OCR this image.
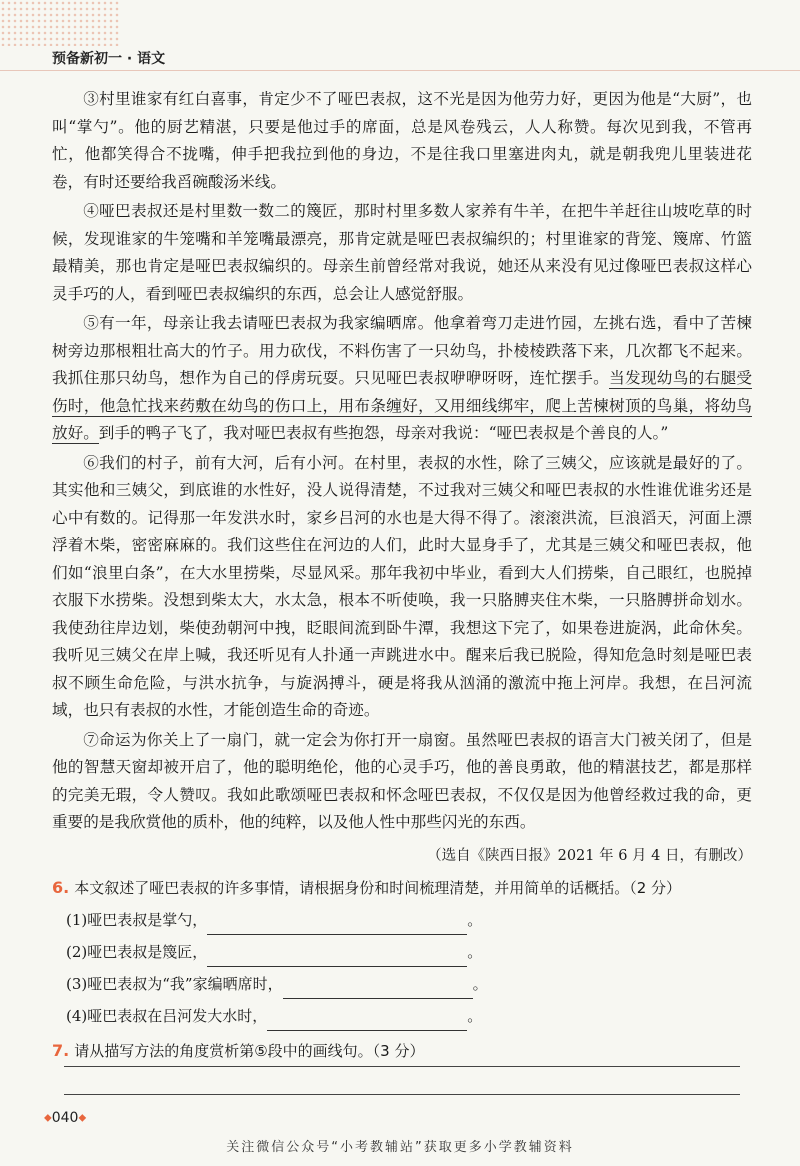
预备新初一 · 语文

③村里谁家有红白喜事，肯定少不了哑巴表叔，这不光是因为他劳力好，更因为他是“大厨”，也叫“掌勺”。他的厨艺精湛，只要是他过手的席面，总是风卷残云，人人称赞。每次见到我，不管再忙，他都笑得合不拢嘴，伸手把我拉到他的身边，不是往我口里塞进肉丸，就是朝我兜儿里装进花卷，有时还要给我舀碗酸汤米线。

④哑巴表叔还是村里数一数二的篾匠，那时村里多数人家养有牛羊，在把牛羊赶往山坡吃草的时候，发现谁家的牛笼嘴和羊笼嘴最漂亮，那肯定就是哑巴表叔编织的；村里谁家的背笼、篾席、竹篮最精美，那也肯定是哑巴表叔编织的。母亲生前曾经常对我说，她还从来没有见过像哑巴表叔这样心灵手巧的人，看到哑巴表叔编织的东西，总会让人感觉舒服。

⑤有一年，母亲让我去请哑巴表叔为我家编晒席。他拿着弯刀走进竹园，左挑右选，看中了苦楝树旁边那根粗壮高大的竹子。用力砍伐，不料伤害了一只幼鸟，扑棱棱跌落下来，几次都飞不起来。我抓住那只幼鸟，想作为自己的俘虏玩耍。只见哑巴表叔咿咿呀呀，连忙摆手。当发现幼鸟的右腿受伤时，他急忙找来药敷在幼鸟的伤口上，用布条缠好，又用细线绑牢，爬上苦楝树顶的鸟巢，将幼鸟放好。到手的鸭子飞了，我对哑巴表叔有些抱怨，母亲对我说：“哑巴表叔是个善良的人。”

⑥我们的村子，前有大河，后有小河。在村里，表叔的水性，除了三姨父，应该就是最好的了。其实他和三姨父，到底谁的水性好，没人说得清楚，不过我对三姨父和哑巴表叔的水性谁优谁劣还是心中有数的。记得那一年发洪水时，家乡吕河的水也是大得不得了。滚滚洪流，巨浪滔天，河面上漂浮着木柴，密密麻麻的。我们这些住在河边的人们，此时大显身手了，尤其是三姨父和哑巴表叔，他们如“浪里白条”，在大水里捞柴，尽显风采。那年我初中毕业，看到大人们捞柴，自己眼红，也脱掉衣服下水捞柴。没想到柴太大，水太急，根本不听使唤，我一只胳膊夹住木柴，一只胳膊拼命划水。我使劲往岸边划，柴使劲朝河中拽，眨眼间流到卧牛潭，我想这下完了，如果卷进旋涡，此命休矣。我听见三姨父在岸上喊，我还听见有人扑通一声跳进水中。醒来后我已脱险，得知危急时刻是哑巴表叔不顾生命危险，与洪水抗争，与旋涡搏斗，硬是将我从汹涌的激流中拖上河岸。我想，在吕河流域，也只有表叔的水性，才能创造生命的奇迹。

⑦命运为你关上了一扇门，就一定会为你打开一扇窗。虽然哑巴表叔的语言大门被关闭了，但是他的智慧天窗却被开启了，他的聪明绝伦，他的心灵手巧，他的善良勇敢，他的精湛技艺，都是那样的完美无瑕，令人赞叹。我如此歌颂哑巴表叔和怀念哑巴表叔，不仅仅是因为他曾经救过我的命，更重要的是我欣赏他的质朴，他的纯粹，以及他人性中那些闪光的东西。

（选自《陕西日报》2021 年 6 月 4 日，有删改）
6. 本文叙述了哑巴表叔的许多事情，请根据身份和时间梳理清楚，并用简单的话概括。（2 分）
(1)哑巴表叔是掌勺，	。
(2)哑巴表叔是篾匠，	。
(3)哑巴表叔为“我”家编晒席时，	。
(4)哑巴表叔在吕河发大水时，	。
7. 请从描写方法的角度赏析第⑤段中的画线句。（3 分）
◆040◆
关注微信公众号“小考教辅站”获取更多小学教辅资料
